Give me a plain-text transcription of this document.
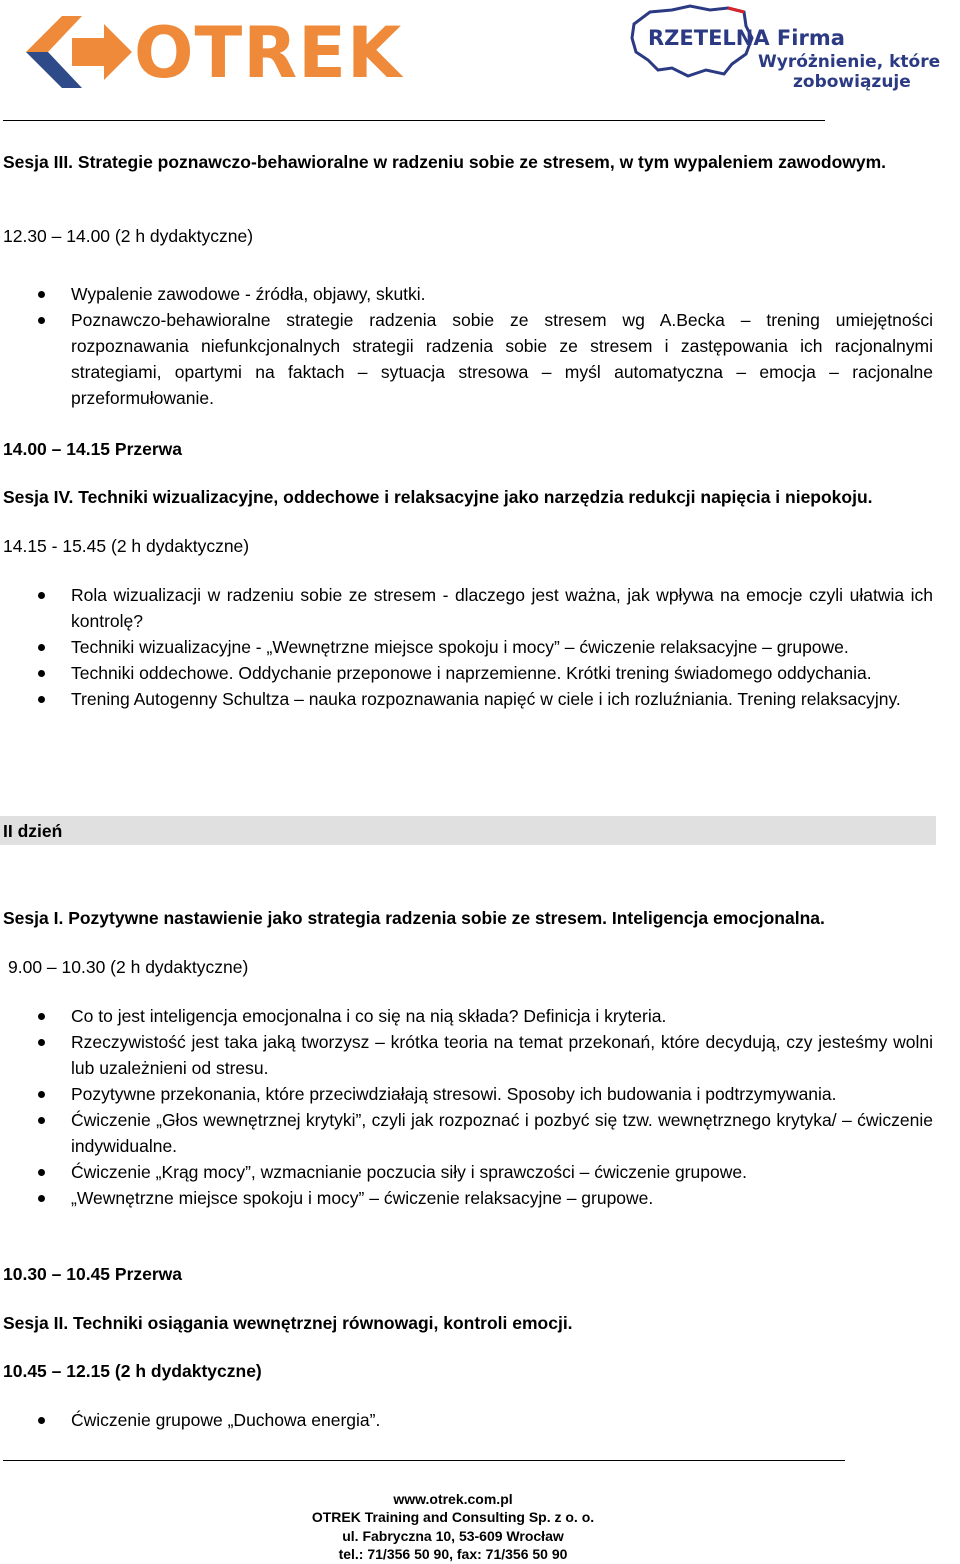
OTREK	RZETELNA Firma
Wyróżnienie, które
zobowiązuje
Sesja III. Strategie poznawczo-behawioralne w radzeniu sobie ze stresem, w tym wypaleniem zawodowym.
12.30 – 14.00 (2 h dydaktyczne)
Wypalenie zawodowe - źródła, objawy, skutki.
Poznawczo-behawioralne strategie radzenia sobie ze stresem wg A.Becka – trening umiejętności rozpoznawania niefunkcjonalnych strategii radzenia sobie ze stresem i zastępowania ich racjonalnymi strategiami, opartymi na faktach – sytuacja stresowa – myśl automatyczna – emocja – racjonalne przeformułowanie.
14.00 – 14.15 Przerwa
Sesja IV. Techniki wizualizacyjne, oddechowe i relaksacyjne jako narzędzia redukcji napięcia i niepokoju.
14.15 - 15.45 (2 h dydaktyczne)
Rola wizualizacji w radzeniu sobie ze stresem - dlaczego jest ważna, jak wpływa na emocje czyli ułatwia ich kontrolę?
Techniki wizualizacyjne - „Wewnętrzne miejsce spokoju i mocy” – ćwiczenie relaksacyjne – grupowe.
Techniki oddechowe. Oddychanie przeponowe i naprzemienne. Krótki trening świadomego oddychania.
Trening Autogenny Schultza – nauka rozpoznawania napięć w ciele i ich rozluźniania. Trening relaksacyjny.
II dzień
Sesja I. Pozytywne nastawienie jako strategia radzenia sobie ze stresem. Inteligencja emocjonalna.
9.00 – 10.30 (2 h dydaktyczne)
Co to jest inteligencja emocjonalna i co się na nią składa? Definicja i kryteria.
Rzeczywistość jest taka jaką tworzysz – krótka teoria na temat przekonań, które decydują, czy jesteśmy wolni lub uzależnieni od stresu.
Pozytywne przekonania, które przeciwdziałają stresowi. Sposoby ich budowania i podtrzymywania.
Ćwiczenie „Głos wewnętrznej krytyki”, czyli jak rozpoznać i pozbyć się tzw. wewnętrznego krytyka/ – ćwiczenie indywidualne.
Ćwiczenie „Krąg mocy”, wzmacnianie poczucia siły i sprawczości – ćwiczenie grupowe.
„Wewnętrzne miejsce spokoju i mocy” – ćwiczenie relaksacyjne – grupowe.
10.30 – 10.45 Przerwa
Sesja II. Techniki osiągania wewnętrznej równowagi, kontroli emocji.
10.45 – 12.15 (2 h dydaktyczne)
Ćwiczenie grupowe „Duchowa energia”.
www.otrek.com.pl
OTREK Training and Consulting Sp. z o. o.
ul. Fabryczna 10, 53-609 Wrocław
tel.: 71/356 50 90, fax: 71/356 50 90
